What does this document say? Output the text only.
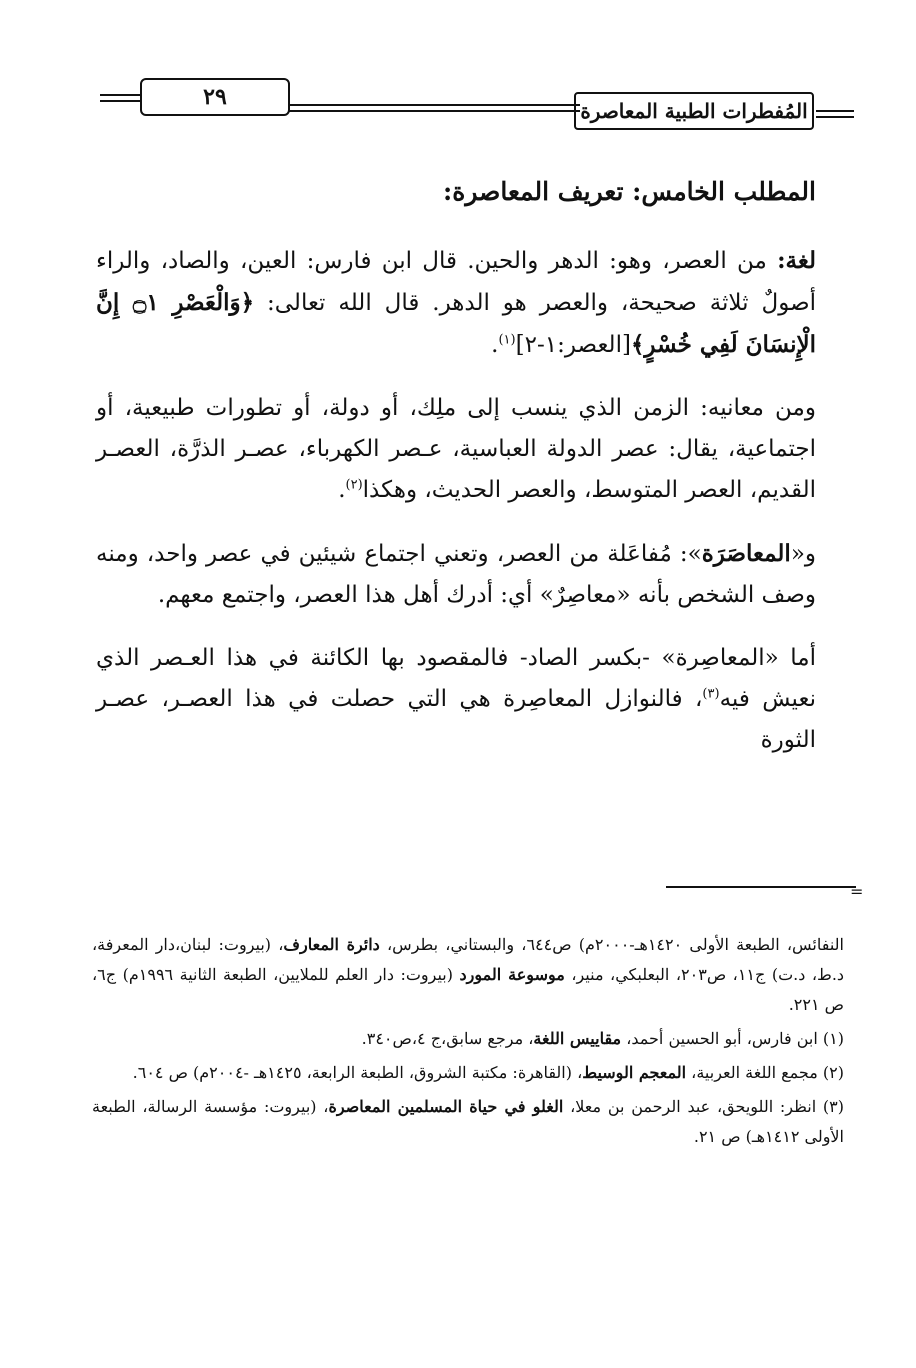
٢٩
المُفطرات الطبية المعاصرة
المطلب الخامس: تعريف المعاصرة:

لغة: من العصر، وهو: الدهر والحين. قال ابن فارس: العين، والصاد، والراء أصولٌ ثلاثة صحيحة، والعصر هو الدهر. قال الله تعالى: ﴿وَالْعَصْرِ ۝١ إِنَّ الْإِنسَانَ لَفِي خُسْرٍ﴾[العصر:١-٢]$^{(١)}$.

ومن معانيه: الزمن الذي ينسب إلى ملِك، أو دولة، أو تطورات طبيعية، أو اجتماعية، يقال: عصر الدولة العباسية، عـصر الكهرباء، عصـر الذرَّة، العصـر القديم، العصر المتوسط، والعصر الحديث، وهكذا$^{(٢)}$.

و«المعاصَرَة»: مُفاعَلة من العصر، وتعني اجتماع شيئين في عصر واحد، ومنه وصف الشخص بأنه «معاصِرٌ» أي: أدرك أهل هذا العصر، واجتمع معهم.

أما «المعاصِرة» -بكسر الصاد- فالمقصود بها الكائنة في هذا العـصر الذي نعيش فيه$^{(٣)}$، فالنوازل المعاصِرة هي التي حصلت في هذا العصـر، عصـر الثورة

=

النفائس، الطبعة الأولى ١٤٢٠هـ-٢٠٠٠م) ص٦٤٤، والبستاني، بطرس، دائرة المعارف، (بيروت: لبنان،دار المعرفة، د.ط، د.ت) ج١١، ص٢٠٣، البعلبكي، منير، موسوعة المورد (بيروت: دار العلم للملايين، الطبعة الثانية ١٩٩٦م) ج٦، ص ٢٢١.

(١) ابن فارس، أبو الحسين أحمد، مقاييس اللغة، مرجع سابق،ج ٤،ص٣٤٠.

(٢) مجمع اللغة العربية، المعجم الوسيط، (القاهرة: مكتبة الشروق، الطبعة الرابعة، ١٤٢٥هـ -٢٠٠٤م) ص ٦٠٤.

(٣) انظر: اللويحق، عبد الرحمن بن معلا، الغلو في حياة المسلمين المعاصرة، (بيروت: مؤسسة الرسالة، الطبعة الأولى ١٤١٢هـ) ص ٢١.
